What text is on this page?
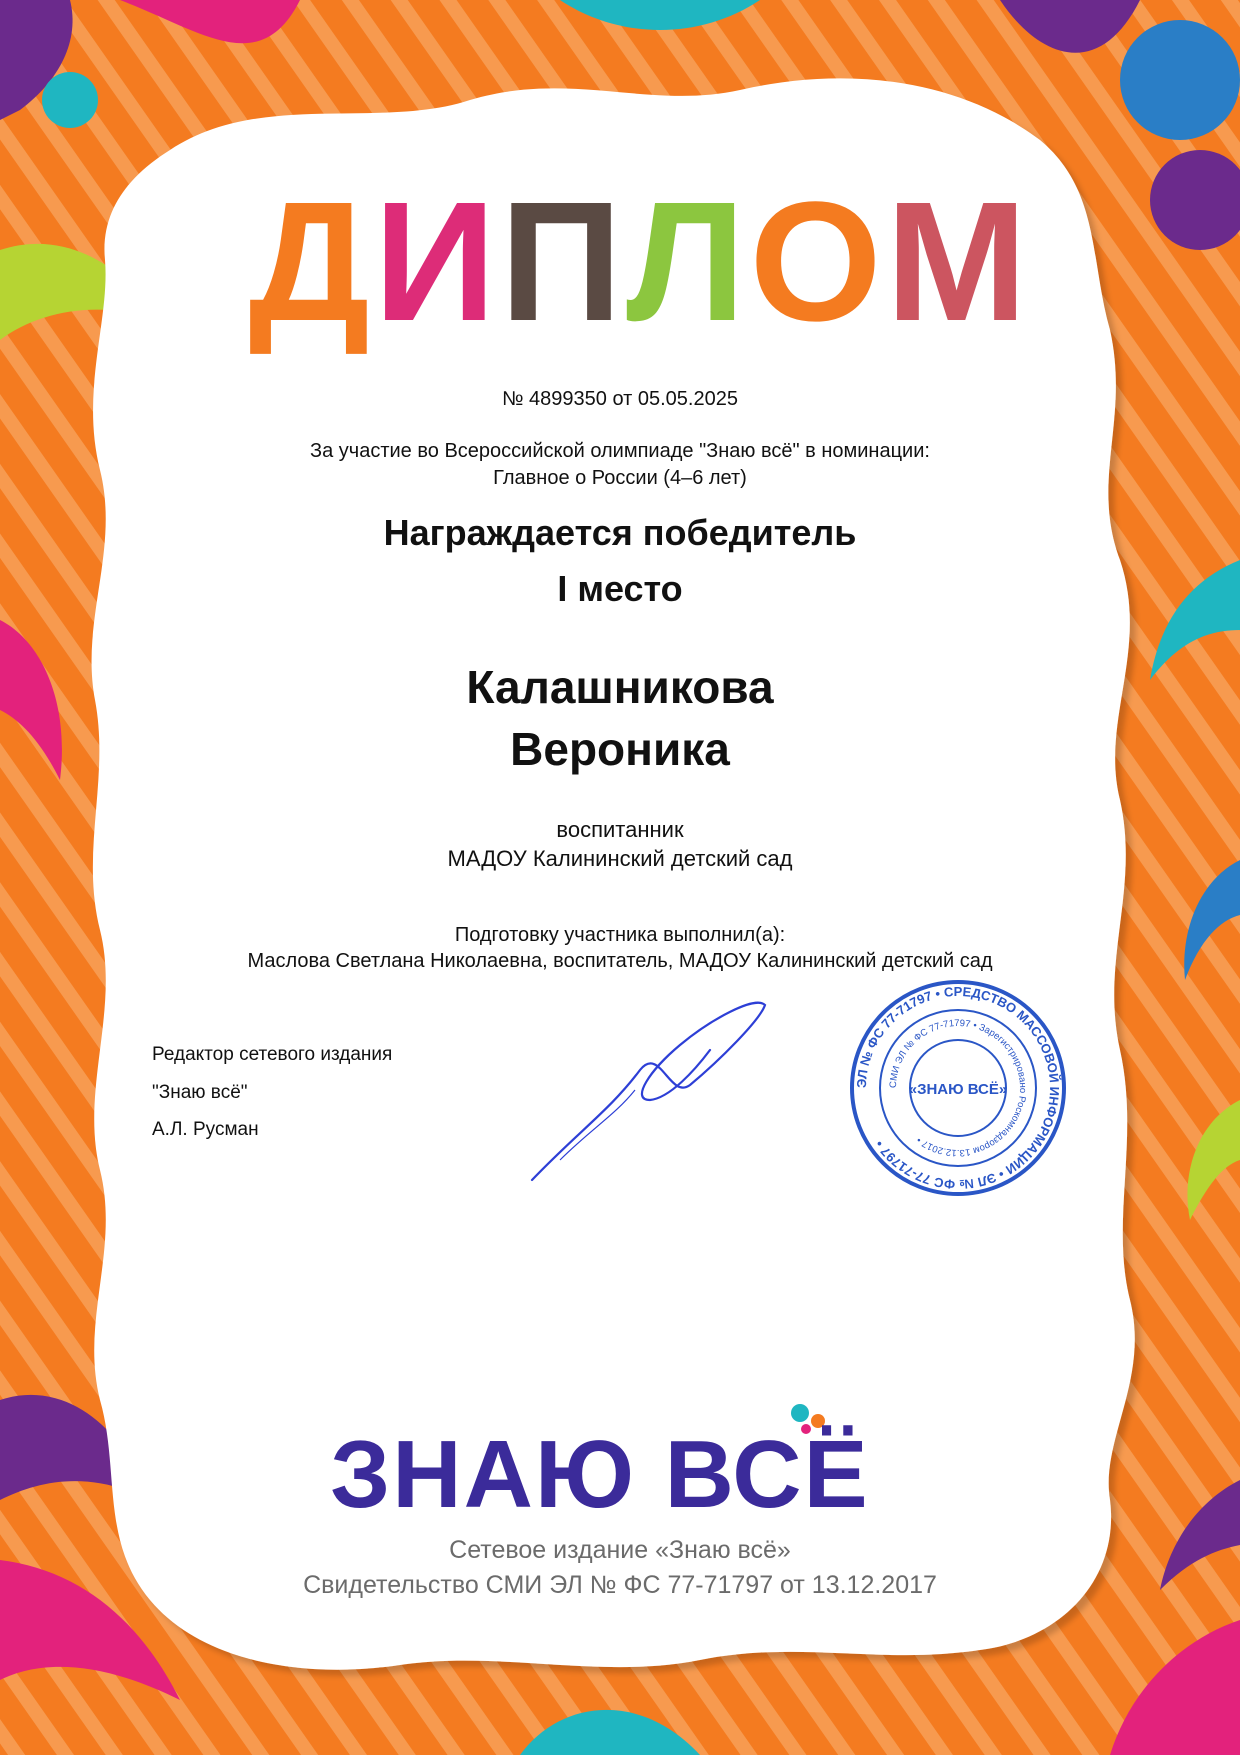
ДИПЛОМ
№ 4899350 от 05.05.2025
За участие во Всероссийской олимпиаде "Знаю всё" в номинации:
Главное о России (4–6 лет)
Награждается победитель
I место
Калашникова
Вероника
воспитанник
МАДОУ Калининский детский сад
Подготовку участника выполнил(а):
Маслова Светлана Николаевна, воспитатель, МАДОУ Калининский детский сад
Редактор сетевого издания
"Знаю всё"
А.Л. Русман
ЭЛ № ФС 77-71797 • СРЕДСТВО МАССОВОЙ ИНФОРМАЦИИ • ЭЛ № ФС 77-71797 •
СМИ ЭЛ № ФС 77-71797 • Зарегистрировано Роскомнадзором 13.12.2017 •
«ЗНАЮ ВСЁ»
ЗНАЮ ВСЁ
Сетевое издание «Знаю всё»
Свидетельство СМИ ЭЛ № ФС 77-71797 от 13.12.2017
